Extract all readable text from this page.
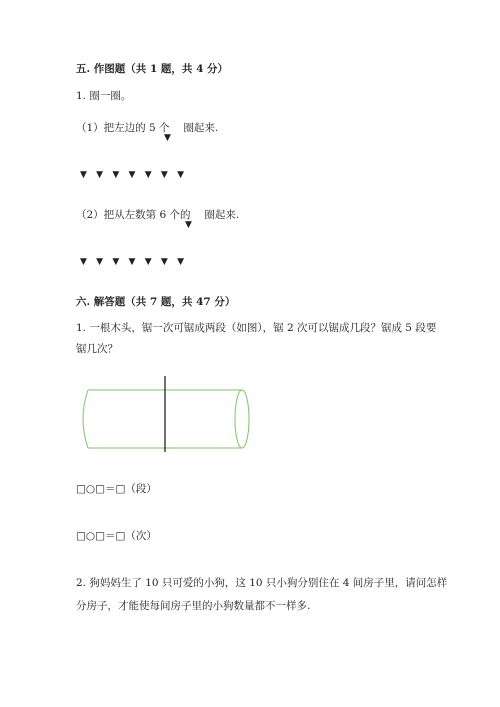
五. 作图题（共 1 题，共 4 分）
1. 圈一圈。
（1）把左边的 5 个　 圈起来.
▼
▼ ▼ ▼ ▼ ▼ ▼ ▼
（2）把从左数第 6 个的　 圈起来.
▼
▼ ▼ ▼ ▼ ▼ ▼ ▼
六. 解答题（共 7 题，共 47 分）
1. 一根木头，锯一次可锯成两段（如图），锯 2 次可以锯成几段？锯成 5 段要
锯几次？
□○□＝□（段）
□○□＝□（次）
2. 狗妈妈生了 10 只可爱的小狗，这 10 只小狗分别住在 4 间房子里，请问怎样
分房子，才能使每间房子里的小狗数量都不一样多.
